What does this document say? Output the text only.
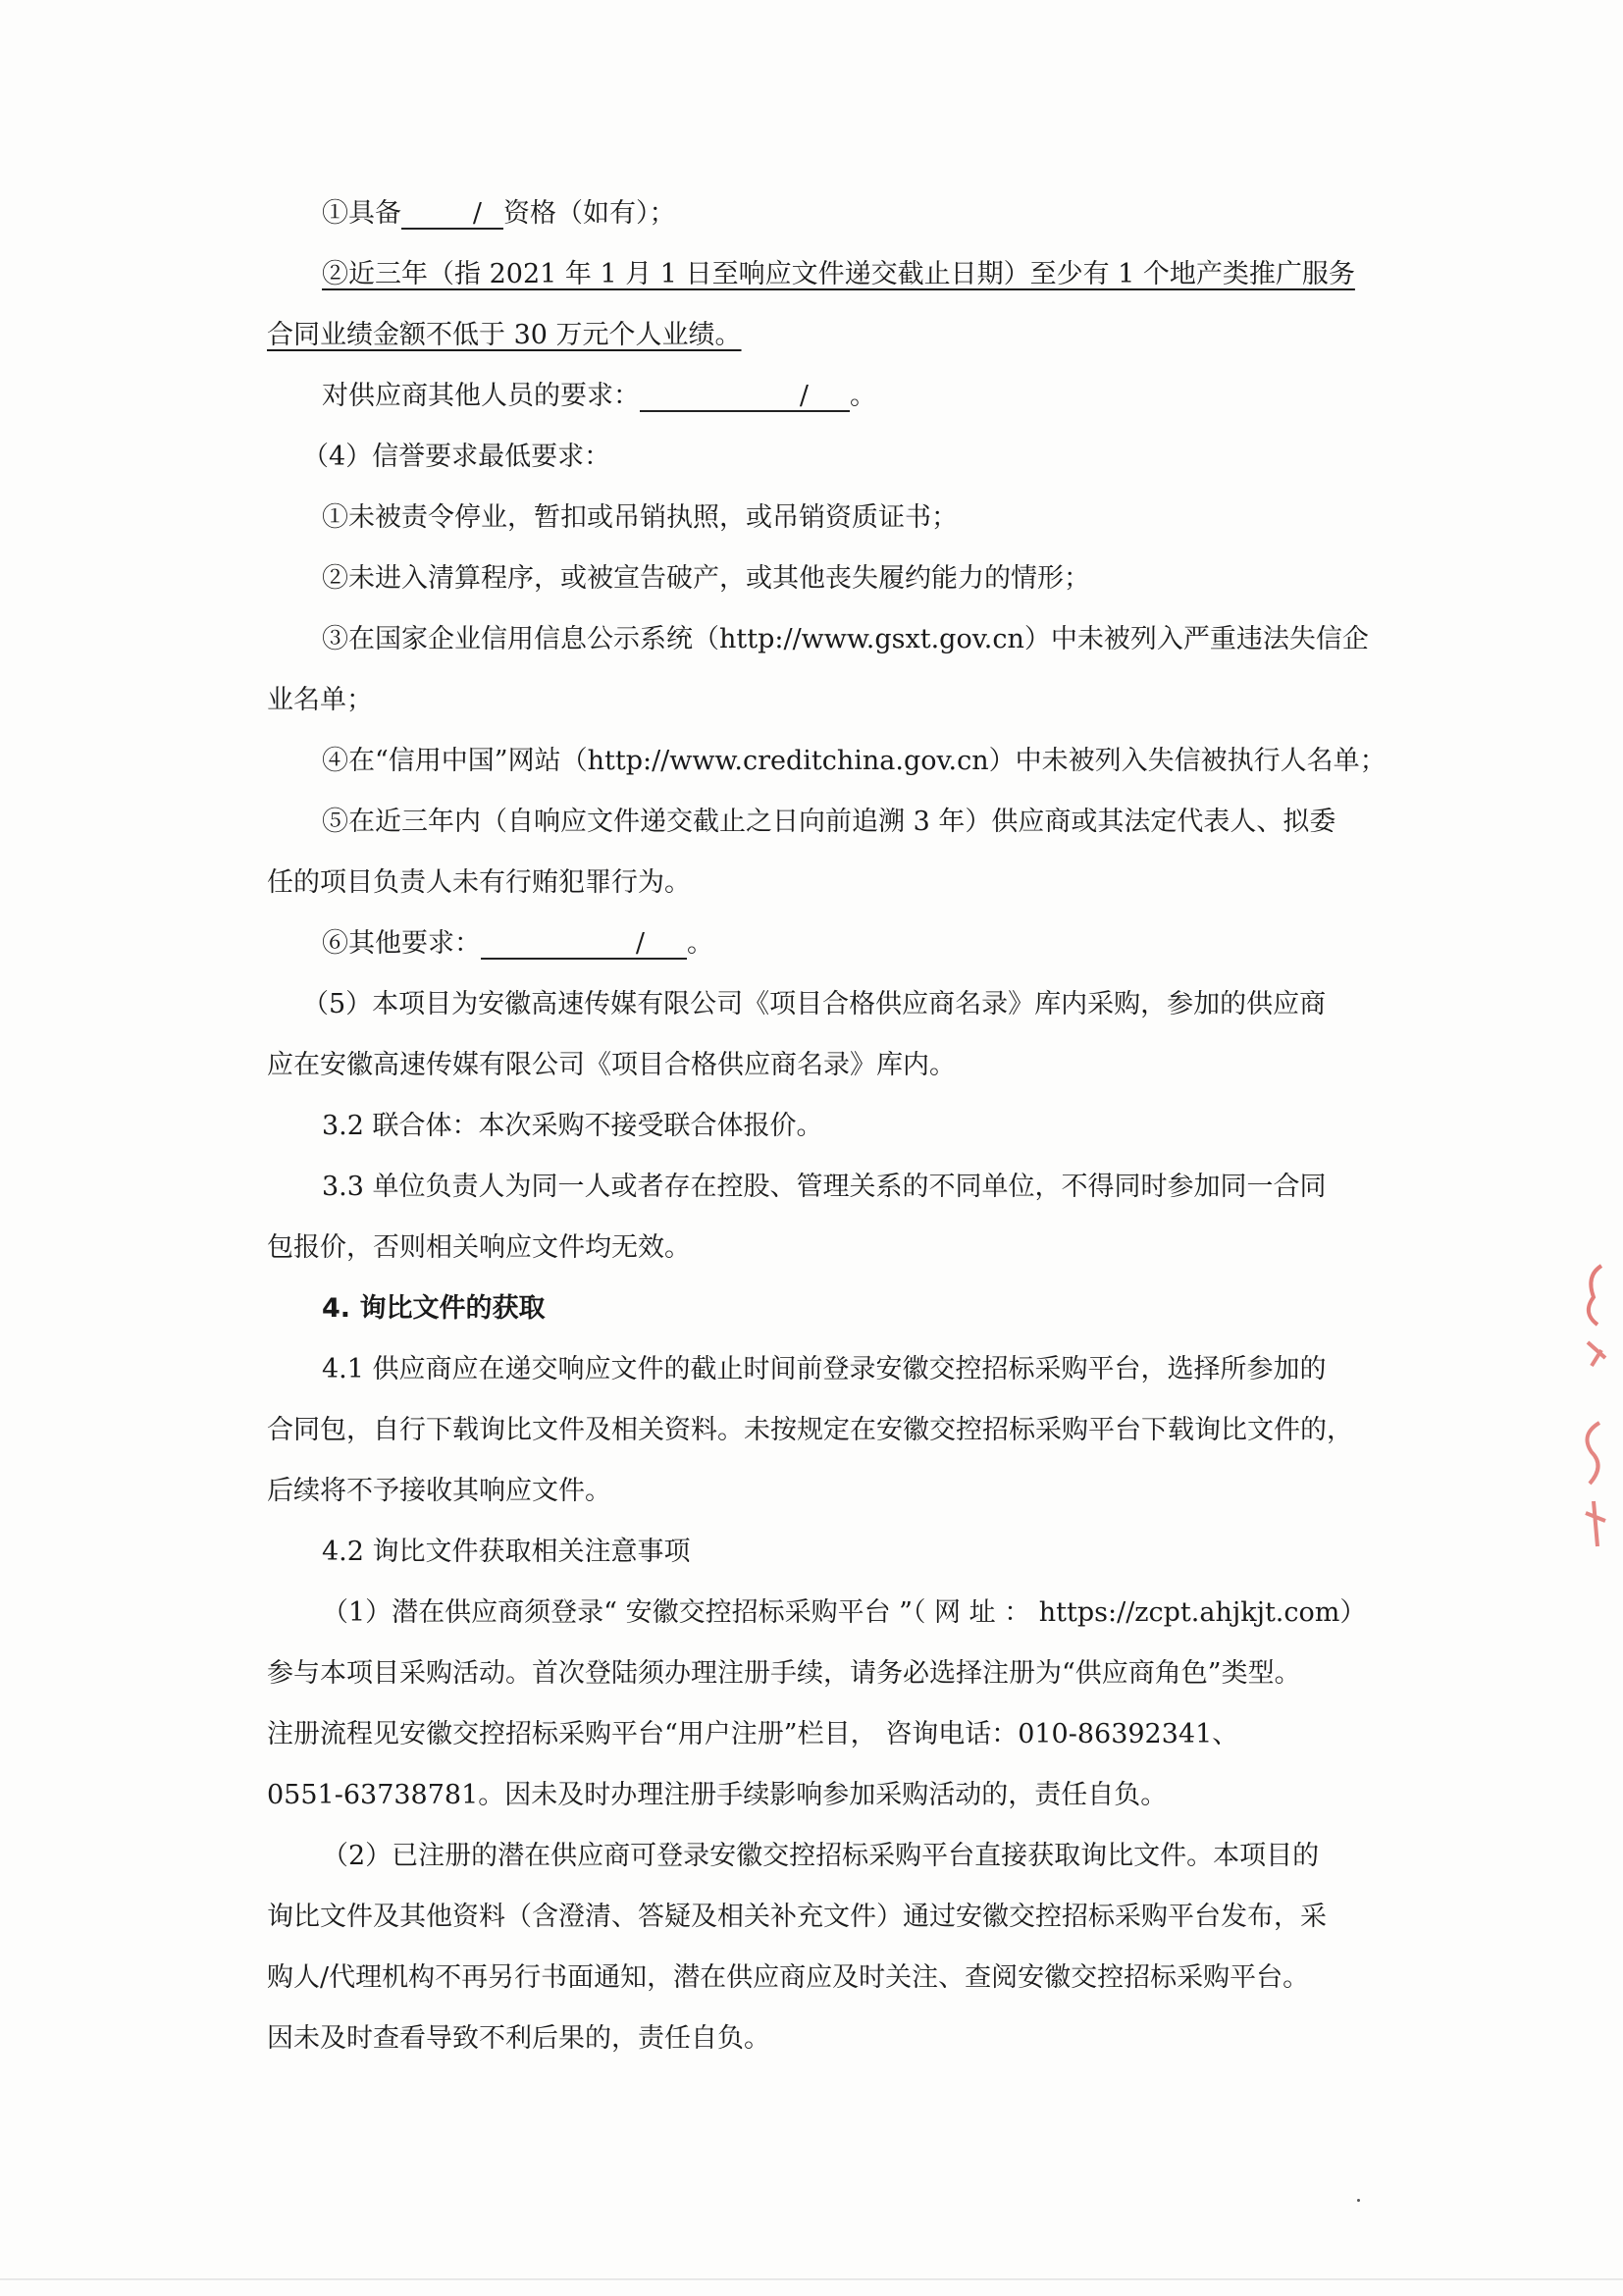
①具备	/ 资格（如有）；
②近三年（指 2021 年 1 月 1 日至响应文件递交截止日期）至少有 1 个地产类推广服务
合同业绩金额不低于 30 万元个人业绩。
对供应商其他人员的要求：	/ 。
（4）信誉要求最低要求：
①未被责令停业，暂扣或吊销执照，或吊销资质证书；
②未进入清算程序，或被宣告破产，或其他丧失履约能力的情形；
③在国家企业信用信息公示系统（http://www.gsxt.gov.cn）中未被列入严重违法失信企
业名单；
④在“信用中国”网站（http://www.creditchina.gov.cn）中未被列入失信被执行人名单；
⑤在近三年内（自响应文件递交截止之日向前追溯 3 年）供应商或其法定代表人、拟委
任的项目负责人未有行贿犯罪行为。
⑥其他要求：	/ 。
（5）本项目为安徽高速传媒有限公司《项目合格供应商名录》库内采购，参加的供应商
应在安徽高速传媒有限公司《项目合格供应商名录》库内。
3.2 联合体：本次采购不接受联合体报价。
3.3 单位负责人为同一人或者存在控股、管理关系的不同单位，不得同时参加同一合同
包报价，否则相关响应文件均无效。
4. 询比文件的获取
4.1 供应商应在递交响应文件的截止时间前登录安徽交控招标采购平台，选择所参加的
合同包，自行下载询比文件及相关资料。未按规定在安徽交控招标采购平台下载询比文件的，
后续将不予接收其响应文件。
4.2 询比文件获取相关注意事项
（1）潜在供应商须登录“ 安徽交控招标采购平台 ”（ 网 址 ： https://zcpt.ahjkjt.com）
参与本项目采购活动。首次登陆须办理注册手续，请务必选择注册为“供应商角色”类型。
注册流程见安徽交控招标采购平台“用户注册”栏目， 咨询电话：010-86392341、
0551-63738781。因未及时办理注册手续影响参加采购活动的，责任自负。
（2）已注册的潜在供应商可登录安徽交控招标采购平台直接获取询比文件。本项目的
询比文件及其他资料（含澄清、答疑及相关补充文件）通过安徽交控招标采购平台发布，采
购人/代理机构不再另行书面通知，潜在供应商应及时关注、查阅安徽交控招标采购平台。
因未及时查看导致不利后果的，责任自负。
